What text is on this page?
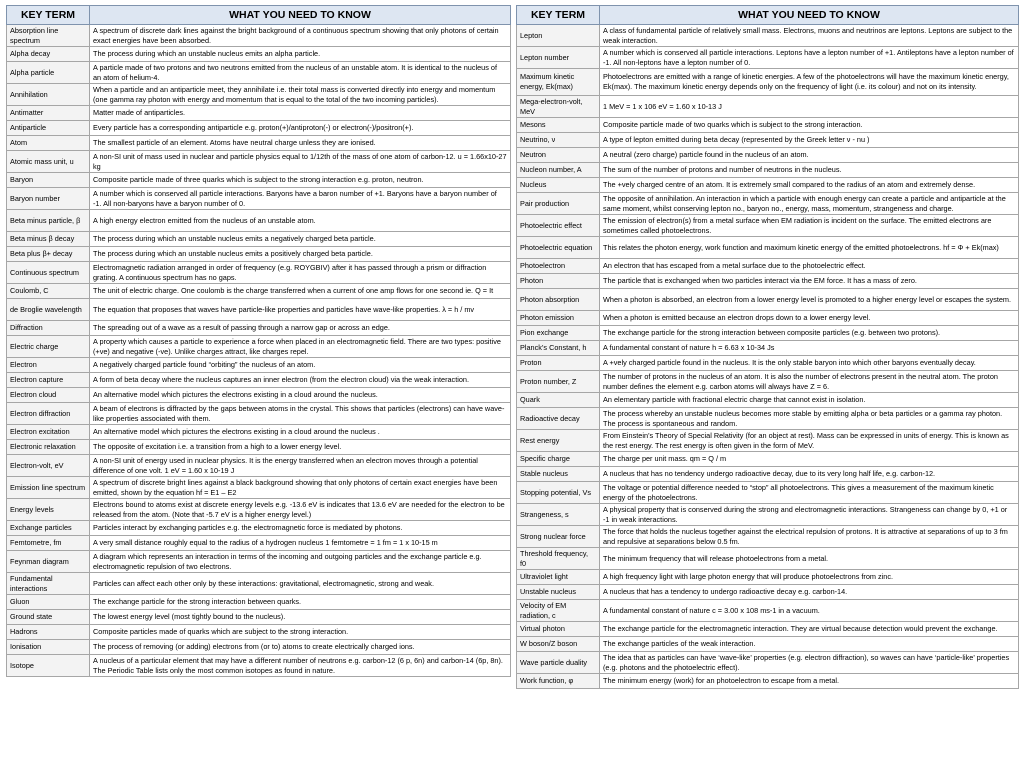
KEY TERM	WHAT YOU NEED TO KNOW
Absorption line spectrum	A spectrum of discrete dark lines against the bright background of a continuous spectrum showing that only photons of certain exact energies have been absorbed.
Alpha decay	The process during which an unstable nucleus emits an alpha particle.
Alpha particle	A particle made of two protons and two neutrons emitted from the nucleus of an unstable atom. It is identical to the nucleus of an atom of helium-4.
Annihilation	When a particle and an antiparticle meet, they annihilate i.e. their total mass is converted directly into energy and momentum (one gamma ray photon with energy and momentum that is equal to the total of the two incoming particles).
Antimatter	Matter made of antiparticles.
Antiparticle	Every particle has a corresponding antiparticle e.g. proton(+)/antiproton(-) or electron(-)/positron(+).
Atom	The smallest particle of an element. Atoms have neutral charge unless they are ionised.
Atomic mass unit, u	A non-SI unit of mass used in nuclear and particle physics equal to 1/12th of the mass of one atom of carbon-12. u = 1.66x10-27 kg
Baryon	Composite particle made of three quarks which is subject to the strong interaction e.g. proton, neutron.
Baryon number	A number which is conserved all particle interactions. Baryons have a baron number of +1. Baryons have a baryon number of -1. All non-baryons have a baryon number of 0.
Beta minus particle, β	A high energy electron emitted from the nucleus of an unstable atom.
Beta minus β decay	The process during which an unstable nucleus emits a negatively charged beta particle.
Beta plus β+ decay	The process during which an unstable nucleus emits a positively charged beta particle.
Continuous spectrum	Electromagnetic radiation arranged in order of frequency (e.g. ROYGBIV) after it has passed through a prism or diffraction grating. A continuous spectrum has no gaps.
Coulomb, C	The unit of electric charge. One coulomb is the charge transferred when a current of one amp flows for one second ie. Q = It
de Broglie wavelength	The equation that proposes that waves have particle-like properties and particles have wave-like properties. λ = h / mv
Diffraction	The spreading out of a wave as a result of passing through a narrow gap or across an edge.
Electric charge	A property which causes a particle to experience a force when placed in an electromagnetic field. There are two types: positive (+ve) and negative (-ve). Unlike charges attract, like charges repel.
Electron	A negatively charged particle found “orbiting” the nucleus of an atom.
Electron capture	A form of beta decay where the nucleus captures an inner electron (from the electron cloud) via the weak interaction.
Electron cloud	An alternative model which pictures the electrons existing in a cloud around the nucleus.
Electron diffraction	A beam of electrons is diffracted by the gaps between atoms in the crystal. This shows that particles (electrons) can have wave-like properties associated with them.
Electron excitation	An alternative model which pictures the electrons existing in a cloud around the nucleus .
Electronic relaxation	The opposite of excitation i.e. a transition from a high to a lower energy level.
Electron-volt, eV	A non-SI unit of energy used in nuclear physics. It is the energy transferred when an electron moves through a potential difference of one volt. 1 eV = 1.60 x 10-19 J
Emission line spectrum	A spectrum of discrete bright lines against a black background showing that only photons of certain exact energies have been emitted, shown by the equation hf = E1 – E2
Energy levels	Electrons bound to atoms exist at discrete energy levels e.g. -13.6 eV is indicates that 13.6 eV are needed for the electron to be released from the atom. (Note that -5.7 eV is a higher energy level.)
Exchange particles	Particles interact by exchanging particles e.g. the electromagnetic force is mediated by photons.
Femtometre, fm	A very small distance roughly equal to the radius of a hydrogen nucleus 1 femtometre = 1 fm = 1 x 10-15 m
Feynman diagram	A diagram which represents an interaction in terms of the incoming and outgoing particles and the exchange particle e.g. electromagnetic repulsion of two electrons.
Fundamental interactions	Particles can affect each other only by these interactions: gravitational, electromagnetic, strong and weak.
Gluon	The exchange particle for the strong interaction between quarks.
Ground state	The lowest energy level (most tightly bound to the nucleus).
Hadrons	Composite particles made of quarks which are subject to the strong interaction.
Ionisation	The process of removing (or adding) electrons from (or to) atoms to create electrically charged ions.
Isotope	A nucleus of a particular element that may have a different number of neutrons e.g. carbon-12 (6 p, 6n) and carbon-14 (6p, 8n). The Periodic Table lists only the most common isotopes as found in nature.
KEY TERM	WHAT YOU NEED TO KNOW
Lepton	A class of fundamental particle of relatively small mass. Electrons, muons and neutrinos are leptons. Leptons are subject to the weak interaction.
Lepton number	A number which is conserved all particle interactions. Leptons have a lepton number of +1. Antileptons have a lepton number of -1. All non-leptons have a lepton number of 0.
Maximum kinetic energy, Ek(max)	Photoelectrons are emitted with a range of kinetic energies. A few of the photoelectrons will have the maximum kinetic energy, Ek(max). The maximum kinetic energy depends only on the frequency of light (i.e. its colour) and not on its intensity.
Mega-electron-volt, MeV	1 MeV = 1 x 106 eV = 1.60 x 10-13 J
Mesons	Composite particle made of two quarks which is subject to the strong interaction.
Neutrino, ν	A type of lepton emitted during beta decay (represented by the Greek letter ν - nu )
Neutron	A neutral (zero charge) particle found in the nucleus of an atom.
Nucleon number, A	The sum of the number of protons and number of neutrons in the nucleus.
Nucleus	The +vely charged centre of an atom. It is extremely small compared to the radius of an atom and extremely dense.
Pair production	The opposite of annihilation. An interaction in which a particle with enough energy can create a particle and antiparticle at the same moment, whilst conserving lepton no., baryon no., energy, mass, momentum, strangeness and charge.
Photoelectric effect	The emission of electron(s) from a metal surface when EM radiation is incident on the surface. The emitted electrons are sometimes called photoelectrons.
Photoelectric equation	This relates the photon energy, work function and maximum kinetic energy of the emitted photoelectrons. hf = Φ + Ek(max)
Photoelectron	An electron that has escaped from a metal surface due to the photoelectric effect.
Photon	The particle that is exchanged when two particles interact via the EM force. It has a mass of zero.
Photon absorption	When a photon is absorbed, an electron from a lower energy level is promoted to a higher energy level or escapes the system.
Photon emission	When a photon is emitted because an electron drops down to a lower energy level.
Pion exchange	The exchange particle for the strong interaction between composite particles (e.g. between two protons).
Planck’s Constant, h	A fundamental constant of nature h = 6.63 x 10-34 Js
Proton	A +vely charged particle found in the nucleus. It is the only stable baryon into which other baryons eventually decay.
Proton number, Z	The number of protons in the nucleus of an atom. It is also the number of electrons present in the neutral atom. The proton number defines the element e.g. carbon atoms will always have Z = 6.
Quark	An elementary particle with fractional electric charge that cannot exist in isolation.
Radioactive decay	The process whereby an unstable nucleus becomes more stable by emitting alpha or beta particles or a gamma ray photon. The process is spontaneous and random.
Rest energy	From Einstein’s Theory of Special Relativity (for an object at rest). Mass can be expressed in units of energy. This is known as the rest energy. The rest energy is often given in the form of MeV.
Specific charge	The charge per unit mass. qm = Q / m
Stable nucleus	A nucleus that has no tendency undergo radioactive decay, due to its very long half life, e.g. carbon-12.
Stopping potential, Vs	The voltage or potential difference needed to “stop” all photoelectrons. This gives a measurement of the maximum kinetic energy of the photoelectrons.
Strangeness, s	A physical property that is conserved during the strong and electromagnetic interactions. Strangeness can change by 0, +1 or -1 in weak interactions.
Strong nuclear force	The force that holds the nucleus together against the electrical repulsion of protons. It is attractive at separations of up to 3 fm and repulsive at separations below 0.5 fm.
Threshold frequency, f0	The minimum frequency that will release photoelectrons from a metal.
Ultraviolet light	A high frequency light with large photon energy that will produce photoelectrons from zinc.
Unstable nucleus	A nucleus that has a tendency to undergo radioactive decay e.g. carbon-14.
Velocity of EM radiation, c	A fundamental constant of nature c = 3.00 x 108 ms-1 in a vacuum.
Virtual photon	The exchange particle for the electromagnetic interaction. They are virtual because detection would prevent the exchange.
W boson/Z boson	The exchange particles of the weak interaction.
Wave particle duality	The idea that as particles can have ‘wave-like’ properties (e.g. electron diffraction), so waves can have ‘particle-like’ properties (e.g. photons and the photoelectric effect).
Work function, φ	The minimum energy (work) for an photoelectron to escape from a metal.
